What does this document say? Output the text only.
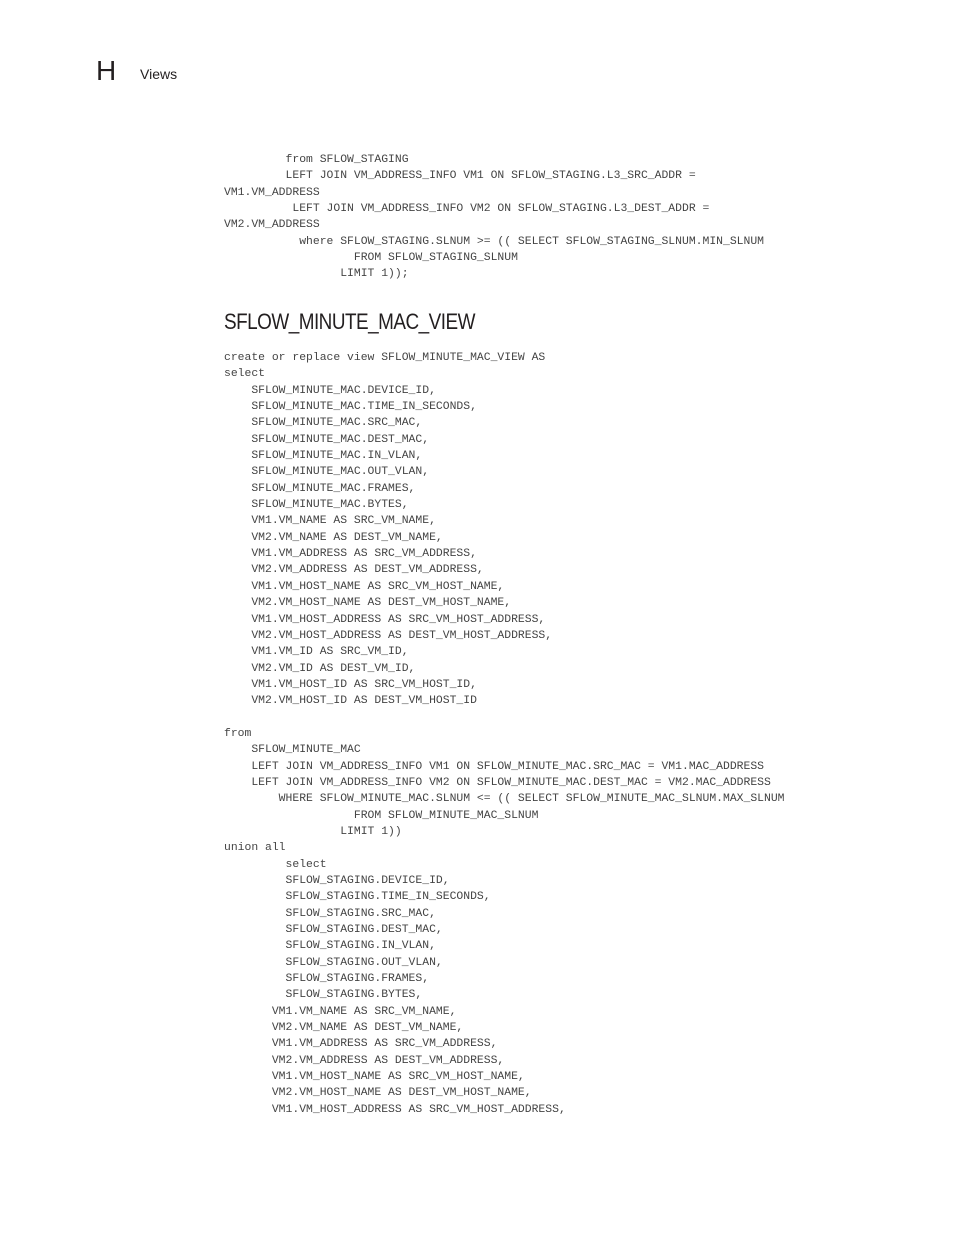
H Views
from SFLOW_STAGING
LEFT JOIN VM_ADDRESS_INFO VM1 ON SFLOW_STAGING.L3_SRC_ADDR =
VM1.VM_ADDRESS
LEFT JOIN VM_ADDRESS_INFO VM2 ON SFLOW_STAGING.L3_DEST_ADDR =
VM2.VM_ADDRESS
where SFLOW_STAGING.SLNUM >= (( SELECT SFLOW_STAGING_SLNUM.MIN_SLNUM
FROM SFLOW_STAGING_SLNUM
LIMIT 1));
SFLOW_MINUTE_MAC_VIEW
create or replace view SFLOW_MINUTE_MAC_VIEW AS
select
SFLOW_MINUTE_MAC.DEVICE_ID,
SFLOW_MINUTE_MAC.TIME_IN_SECONDS,
SFLOW_MINUTE_MAC.SRC_MAC,
SFLOW_MINUTE_MAC.DEST_MAC,
SFLOW_MINUTE_MAC.IN_VLAN,
SFLOW_MINUTE_MAC.OUT_VLAN,
SFLOW_MINUTE_MAC.FRAMES,
SFLOW_MINUTE_MAC.BYTES,
VM1.VM_NAME AS SRC_VM_NAME,
VM2.VM_NAME AS DEST_VM_NAME,
VM1.VM_ADDRESS AS SRC_VM_ADDRESS,
VM2.VM_ADDRESS AS DEST_VM_ADDRESS,
VM1.VM_HOST_NAME AS SRC_VM_HOST_NAME,
VM2.VM_HOST_NAME AS DEST_VM_HOST_NAME,
VM1.VM_HOST_ADDRESS AS SRC_VM_HOST_ADDRESS,
VM2.VM_HOST_ADDRESS AS DEST_VM_HOST_ADDRESS,
VM1.VM_ID AS SRC_VM_ID,
VM2.VM_ID AS DEST_VM_ID,
VM1.VM_HOST_ID AS SRC_VM_HOST_ID,
VM2.VM_HOST_ID AS DEST_VM_HOST_ID

from
SFLOW_MINUTE_MAC
LEFT JOIN VM_ADDRESS_INFO VM1 ON SFLOW_MINUTE_MAC.SRC_MAC = VM1.MAC_ADDRESS
LEFT JOIN VM_ADDRESS_INFO VM2 ON SFLOW_MINUTE_MAC.DEST_MAC = VM2.MAC_ADDRESS
WHERE SFLOW_MINUTE_MAC.SLNUM <= (( SELECT SFLOW_MINUTE_MAC_SLNUM.MAX_SLNUM
FROM SFLOW_MINUTE_MAC_SLNUM
LIMIT 1))
union all
select
SFLOW_STAGING.DEVICE_ID,
SFLOW_STAGING.TIME_IN_SECONDS,
SFLOW_STAGING.SRC_MAC,
SFLOW_STAGING.DEST_MAC,
SFLOW_STAGING.IN_VLAN,
SFLOW_STAGING.OUT_VLAN,
SFLOW_STAGING.FRAMES,
SFLOW_STAGING.BYTES,
VM1.VM_NAME AS SRC_VM_NAME,
VM2.VM_NAME AS DEST_VM_NAME,
VM1.VM_ADDRESS AS SRC_VM_ADDRESS,
VM2.VM_ADDRESS AS DEST_VM_ADDRESS,
VM1.VM_HOST_NAME AS SRC_VM_HOST_NAME,
VM2.VM_HOST_NAME AS DEST_VM_HOST_NAME,
VM1.VM_HOST_ADDRESS AS SRC_VM_HOST_ADDRESS,
